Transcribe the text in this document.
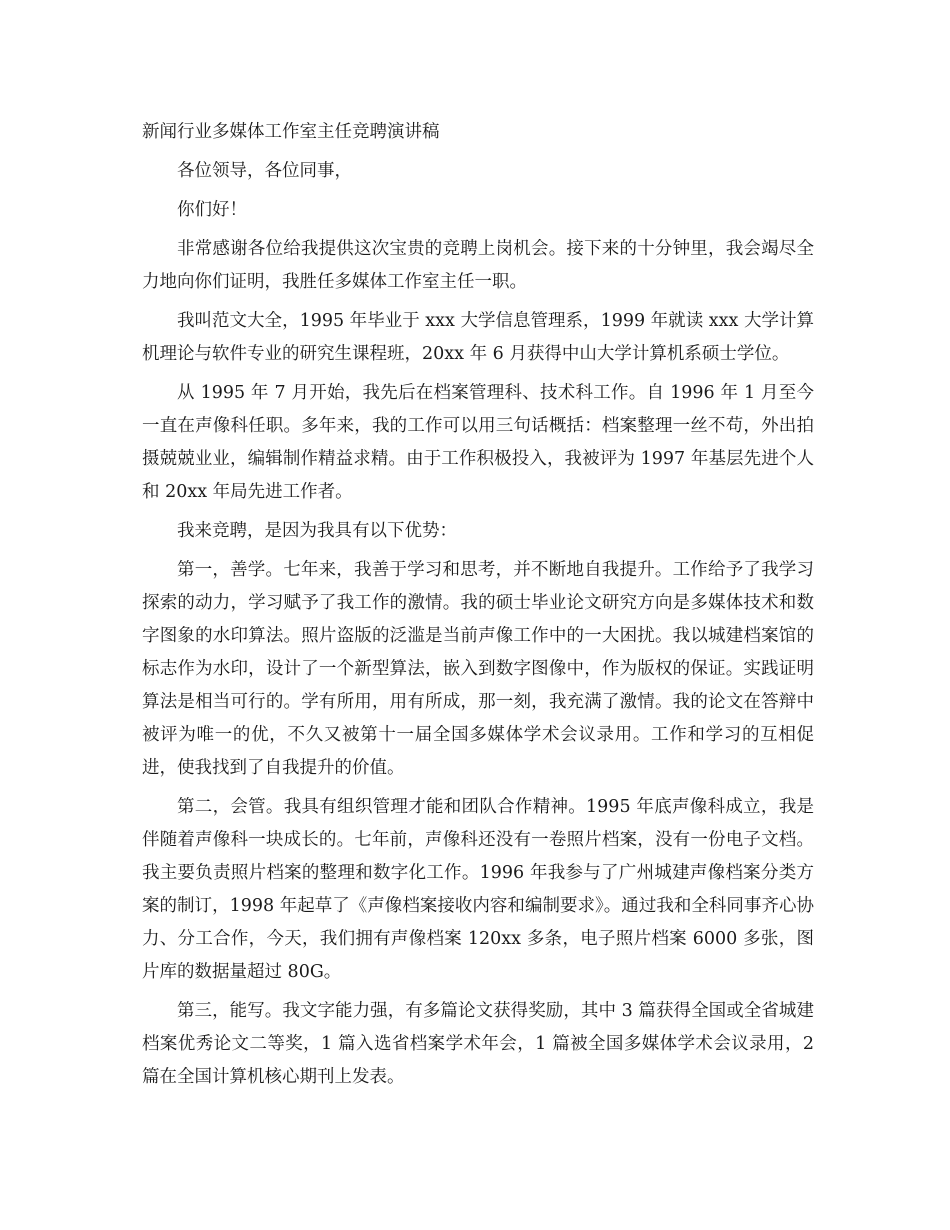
新闻行业多媒体工作室主任竞聘演讲稿

各位领导，各位同事，

你们好！

非常感谢各位给我提供这次宝贵的竞聘上岗机会。接下来的十分钟里，我会竭尽全力地向你们证明，我胜任多媒体工作室主任一职。

我叫范文大全，1995 年毕业于 xxx 大学信息管理系，1999 年就读 xxx 大学计算机理论与软件专业的研究生课程班，20xx 年 6 月获得中山大学计算机系硕士学位。

从 1995 年 7 月开始，我先后在档案管理科、技术科工作。自 1996 年 1 月至今一直在声像科任职。多年来，我的工作可以用三句话概括：档案整理一丝不苟，外出拍摄兢兢业业，编辑制作精益求精。由于工作积极投入，我被评为 1997 年基层先进个人和 20xx 年局先进工作者。

我来竞聘，是因为我具有以下优势：

第一，善学。七年来，我善于学习和思考，并不断地自我提升。工作给予了我学习探索的动力，学习赋予了我工作的激情。我的硕士毕业论文研究方向是多媒体技术和数字图象的水印算法。照片盗版的泛滥是当前声像工作中的一大困扰。我以城建档案馆的标志作为水印，设计了一个新型算法，嵌入到数字图像中，作为版权的保证。实践证明算法是相当可行的。学有所用，用有所成，那一刻，我充满了激情。我的论文在答辩中被评为唯一的优，不久又被第十一届全国多媒体学术会议录用。工作和学习的互相促进，使我找到了自我提升的价值。

第二，会管。我具有组织管理才能和团队合作精神。1995 年底声像科成立，我是伴随着声像科一块成长的。七年前，声像科还没有一卷照片档案，没有一份电子文档。我主要负责照片档案的整理和数字化工作。1996 年我参与了广州城建声像档案分类方案的制订，1998 年起草了《声像档案接收内容和编制要求》。通过我和全科同事齐心协力、分工合作，今天，我们拥有声像档案 120xx 多条，电子照片档案 6000 多张，图片库的数据量超过 80G。

第三，能写。我文字能力强，有多篇论文获得奖励，其中 3 篇获得全国或全省城建档案优秀论文二等奖，1 篇入选省档案学术年会，1 篇被全国多媒体学术会议录用，2 篇在全国计算机核心期刊上发表。
